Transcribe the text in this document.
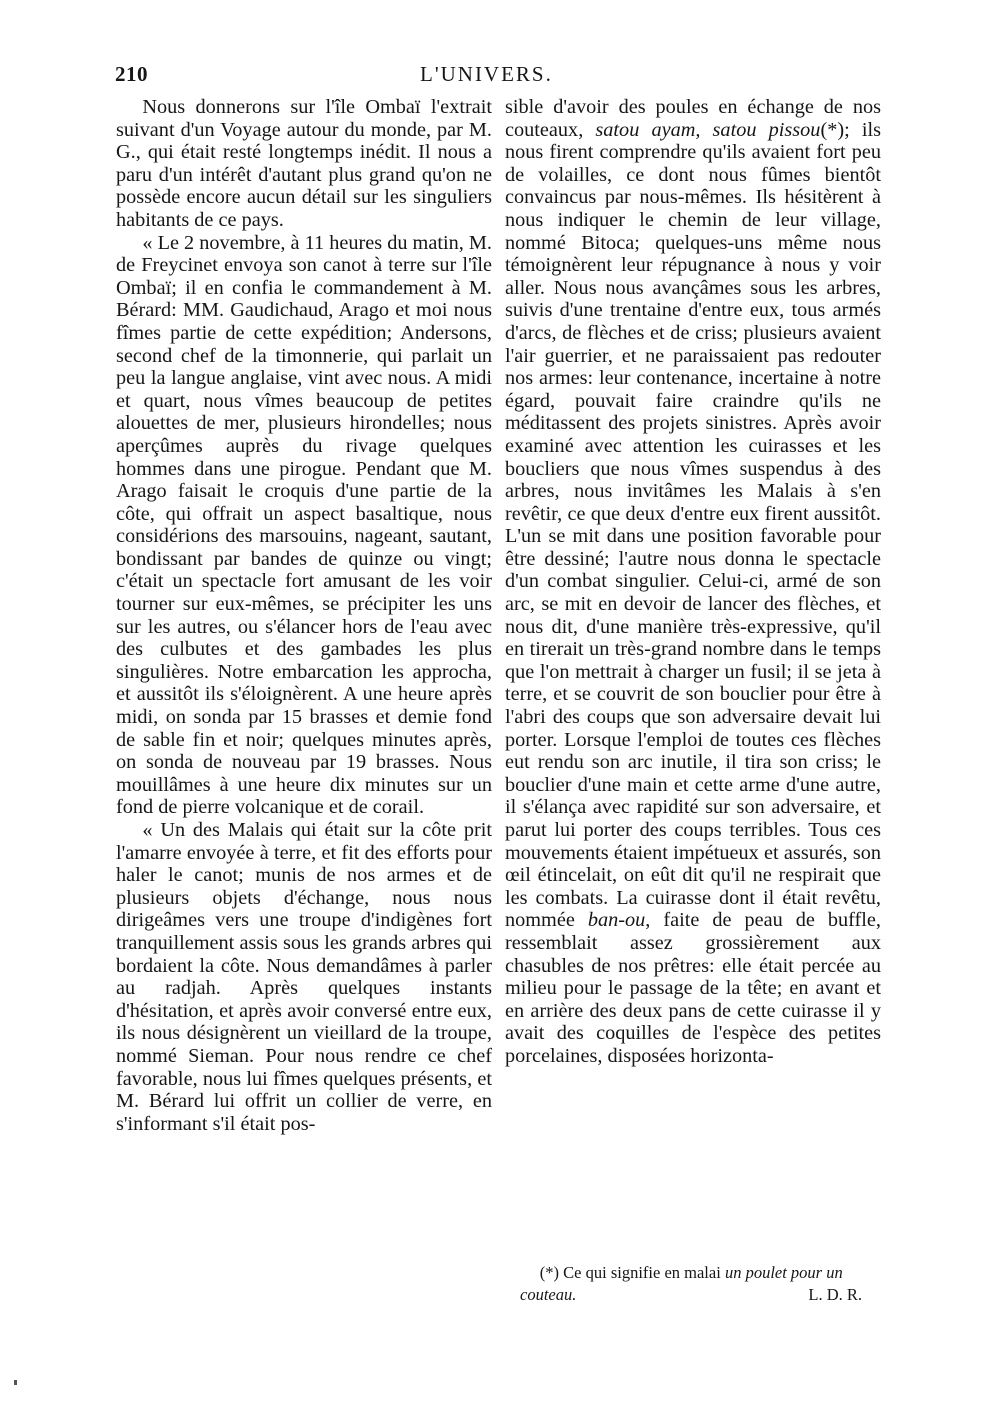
210	L'UNIVERS.

Nous donnerons sur l'île Ombaï l'extrait suivant d'un Voyage autour du monde, par M. G., qui était resté longtemps inédit. Il nous a paru d'un intérêt d'autant plus grand qu'on ne possède encore aucun détail sur les singuliers habitants de ce pays.

« Le 2 novembre, à 11 heures du matin, M. de Freycinet envoya son canot à terre sur l'île Ombaï; il en confia le commandement à M. Bérard: MM. Gaudichaud, Arago et moi nous fîmes partie de cette expédition; Andersons, second chef de la timonnerie, qui parlait un peu la langue anglaise, vint avec nous. A midi et quart, nous vîmes beaucoup de petites alouettes de mer, plusieurs hirondelles; nous aperçûmes auprès du rivage quelques hommes dans une pirogue. Pendant que M. Arago faisait le croquis d'une partie de la côte, qui offrait un aspect basaltique, nous considérions des marsouins, nageant, sautant, bondissant par bandes de quinze ou vingt; c'était un spectacle fort amusant de les voir tourner sur eux-mêmes, se précipiter les uns sur les autres, ou s'élancer hors de l'eau avec des culbutes et des gambades les plus singulières. Notre embarcation les approcha, et aussitôt ils s'éloignèrent. A une heure après midi, on sonda par 15 brasses et demie fond de sable fin et noir; quelques minutes après, on sonda de nouveau par 19 brasses. Nous mouillâmes à une heure dix minutes sur un fond de pierre volcanique et de corail.

« Un des Malais qui était sur la côte prit l'amarre envoyée à terre, et fit des efforts pour haler le canot; munis de nos armes et de plusieurs objets d'échange, nous nous dirigeâmes vers une troupe d'indigènes fort tranquillement assis sous les grands arbres qui bordaient la côte. Nous demandâmes à parler au radjah. Après quelques instants d'hésitation, et après avoir conversé entre eux, ils nous désignèrent un vieillard de la troupe, nommé Sieman. Pour nous rendre ce chef favorable, nous lui fîmes quelques présents, et M. Bérard lui offrit un collier de verre, en s'informant s'il était pos-

sible d'avoir des poules en échange de nos couteaux, satou ayam, satou pissou(*); ils nous firent comprendre qu'ils avaient fort peu de volailles, ce dont nous fûmes bientôt convaincus par nous-mêmes. Ils hésitèrent à nous indiquer le chemin de leur village, nommé Bitoca; quelques-uns même nous témoignèrent leur répugnance à nous y voir aller. Nous nous avançâmes sous les arbres, suivis d'une trentaine d'entre eux, tous armés d'arcs, de flèches et de criss; plusieurs avaient l'air guerrier, et ne paraissaient pas redouter nos armes: leur contenance, incertaine à notre égard, pouvait faire craindre qu'ils ne méditassent des projets sinistres. Après avoir examiné avec attention les cuirasses et les boucliers que nous vîmes suspendus à des arbres, nous invitâmes les Malais à s'en revêtir, ce que deux d'entre eux firent aussitôt. L'un se mit dans une position favorable pour être dessiné; l'autre nous donna le spectacle d'un combat singulier. Celui-ci, armé de son arc, se mit en devoir de lancer des flèches, et nous dit, d'une manière très-expressive, qu'il en tirerait un très-grand nombre dans le temps que l'on mettrait à charger un fusil; il se jeta à terre, et se couvrit de son bouclier pour être à l'abri des coups que son adversaire devait lui porter. Lorsque l'emploi de toutes ces flèches eut rendu son arc inutile, il tira son criss; le bouclier d'une main et cette arme d'une autre, il s'élança avec rapidité sur son adversaire, et parut lui porter des coups terribles. Tous ces mouvements étaient impétueux et assurés, son œil étincelait, on eût dit qu'il ne respirait que les combats. La cuirasse dont il était revêtu, nommée ban-ou, faite de peau de buffle, ressemblait assez grossièrement aux chasubles de nos prêtres: elle était percée au milieu pour le passage de la tête; en avant et en arrière des deux pans de cette cuirasse il y avait des coquilles de l'espèce des petites porcelaines, disposées horizonta-

(*) Ce qui signifie en malai un poulet pour un couteau.	L. D. R.
